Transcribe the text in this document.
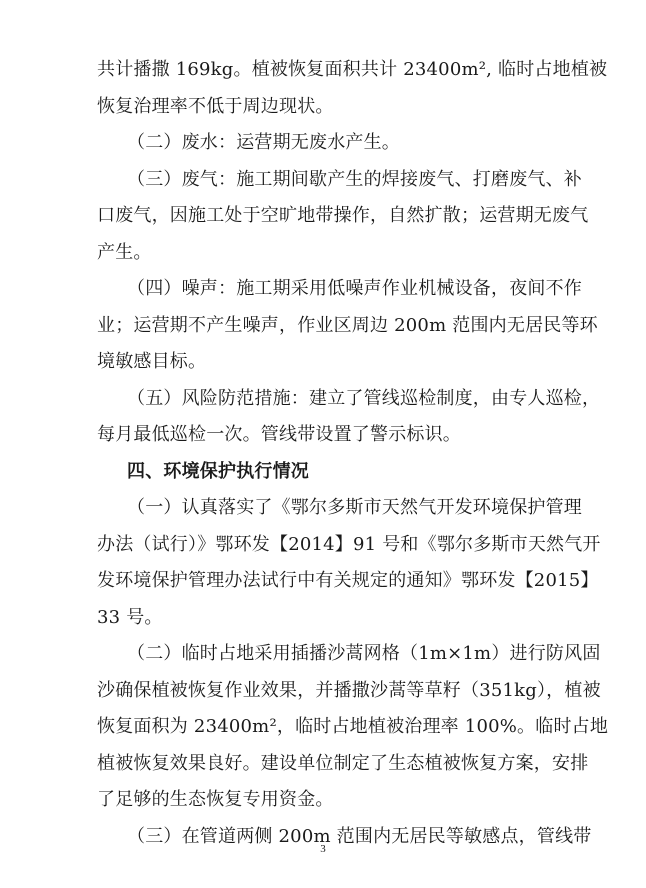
共计播撒 169kg。植被恢复面积共计 23400m², 临时占地植被
恢复治理率不低于周边现状。
（二）废水：运营期无废水产生。
（三）废气：施工期间歇产生的焊接废气、打磨废气、补
口废气，因施工处于空旷地带操作，自然扩散；运营期无废气
产生。
（四）噪声：施工期采用低噪声作业机械设备，夜间不作
业；运营期不产生噪声，作业区周边 200m 范围内无居民等环
境敏感目标。
（五）风险防范措施：建立了管线巡检制度，由专人巡检，
每月最低巡检一次。管线带设置了警示标识。
四、环境保护执行情况
（一）认真落实了《鄂尔多斯市天然气开发环境保护管理
办法（试行）》鄂环发【2014】91 号和《鄂尔多斯市天然气开
发环境保护管理办法试行中有关规定的通知》鄂环发【2015】
33 号。
（二）临时占地采用插播沙蒿网格（1m×1m）进行防风固
沙确保植被恢复作业效果，并播撒沙蒿等草籽（351kg），植被
恢复面积为 23400m²，临时占地植被治理率 100%。临时占地
植被恢复效果良好。建设单位制定了生态植被恢复方案，安排
了足够的生态恢复专用资金。
（三）在管道两侧 200m 范围内无居民等敏感点，管线带
3
